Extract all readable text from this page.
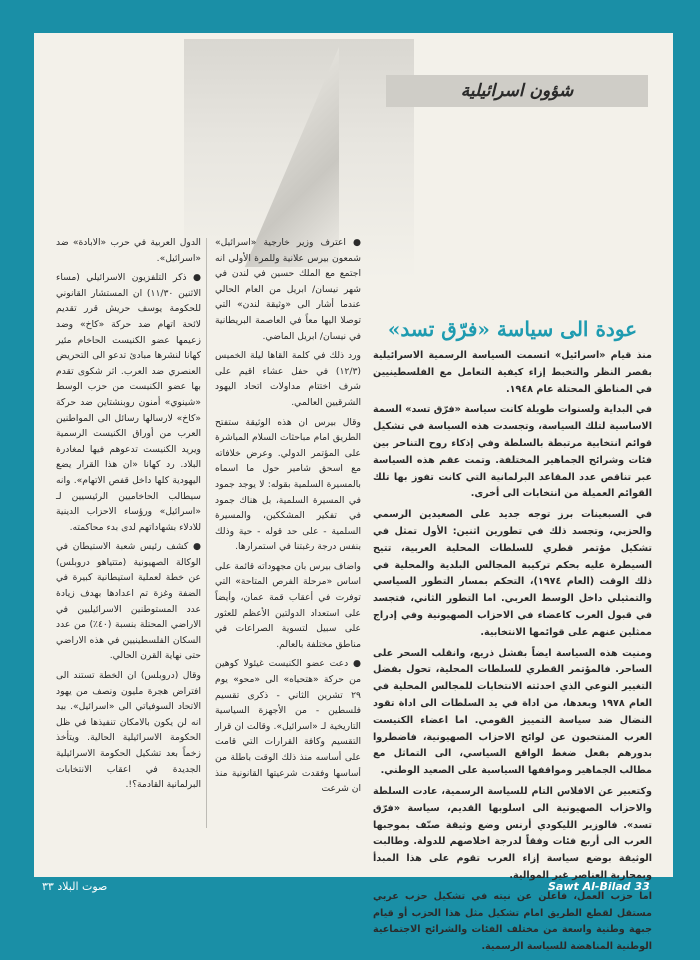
شؤون اسرائيلية
عودة الى سياسة «فرّق تسد»

منذ قيام «اسرائيل» اتسمت السياسة الرسمية الاسرائيلية بقصر النظر والتخبط إزاء كيفية التعامل مع الفلسطينيين في المناطق المحتلة عام ١٩٤٨.

في البداية ولسنوات طويلة كانت سياسة «فرّق تسد» السمة الاساسية لتلك السياسة، وتجسدت هذه السياسة في تشكيل قوائم انتخابية مرتبطة بالسلطة وفي إذكاء روح التناحر بين فئات وشرائح الجماهير المختلفة. وتمت عقم هذه السياسة عبر تناقص عدد المقاعد البرلمانية التي كانت تفوز بها تلك القوائم العميلة من انتخابات الى أخرى.

في السبعينات برز توجه جديد على الصعيدين الرسمي والحزبي، وتجسد ذلك في تطورين اثنين: الأول تمثل في تشكيل مؤتمر قطري للسلطات المحلية العربية، تتيح السيطرة عليه بحكم تركيبة المجالس البلدية والمحلية في ذلك الوقت (العام ١٩٧٤)، التحكم بمسار التطور السياسي والتمثيلي داخل الوسط العربي. اما التطور الثاني، فتجسد في قبول العرب كاعضاء في الاحزاب الصهيونية وفي إدراج ممثلين عنهم على قوائمها الانتخابية.

ومنيت هذه السياسة ايضاً بفشل ذريع، وانقلب السحر على الساحر. فالمؤتمر القطري للسلطات المحلية، تحول بفضل التغيير النوعي الذي احدثته الانتخابات للمجالس المحلية في العام ١٩٧٨ وبعدها، من اداة في يد السلطات الى اداة تقود النضال ضد سياسة التمييز القومي. اما اعضاء الكنيست العرب المنتخبون عن لوائح الاحزاب الصهيونية، فاضطروا بدورهم بفعل ضغط الواقع السياسي، الى التماثل مع مطالب الجماهير ومواقفها السياسية على الصعيد الوطني.

وكتعبير عن الافلاس التام للسياسة الرسمية، عادت السلطة والاحزاب الصهيونية الى اسلوبها القديم، سياسة «فرّق تسد». فالوزير الليكودي أرنس وضع وثيقة صنّف بموجبها العرب الى أربع فئات وفقاً لدرجة اخلاصهم للدولة. وطالبت الوثيقة بوضع سياسة إزاء العرب تقوم على هذا المبدأ وبمحاربة العناصر غير الموالية.

اما حزب العمل، فاعلن عن نيته في تشكيل حزب عربي مستقل لقطع الطريق امام تشكيل مثل هذا الحزب أو قيام جبهة وطنية واسعة من مختلف الفئات والشرائح الاجتماعية الوطنية المناهضة للسياسة الرسمية.

● اعترف وزير خارجية «اسرائيل» شمعون بيرس علانية وللمرة الأولى انه اجتمع مع الملك حسين في لندن في شهر نيسان/ ابريل من العام الحالي عندما أشار الى «وثيقة لندن» التي توصلا اليها معاً في العاصمة البريطانية في نيسان/ ابريل الماضي.

ورد ذلك في كلمة القاها ليلة الخميس (١٢/٣) في حفل عشاء اقيم على شرف اختتام مداولات اتحاد اليهود الشرقيين العالمي.

وقال بيرس ان هذه الوثيقة ستفتح الطريق امام مباحثات السلام المباشرة على المؤتمر الدولي. وعرض خلافاته مع اسحق شامير حول ما اسماه بالمسيرة السلمية بقوله: لا يوجد جمود في المسيرة السلمية، بل هناك جمود في تفكير المشككين، والمسيرة السلمية - على حد قوله - حية وذلك بنفس درجة رغبتنا في استمرارها.

واضاف بيرس بان مجهوداته قائمة على اساس «مرحلة الفرص المتاحة» التي توفرت في أعقاب قمة عمان، وأيضاً على استعداد الدولتين الأعظم للعثور على سبيل لتسوية الصراعات في مناطق مختلفة بالعالم.

● دعت عضو الكنيست غيئولا كوهين من حركة «هتحياه» الى «محو» يوم ٢٩ تشرين الثاني - ذكرى تقسيم فلسطين - من الأجهزة السياسية التاريخية لـ «اسرائيل». وقالت ان قرار التقسيم وكافة القرارات التي قامت على أساسه منذ ذلك الوقت باطلة من أساسها وفقدت شرعيتها القانونية منذ ان شرعت

الدول العربية في حرب «الابادة» ضد «اسرائيل».

● ذكر التلفزيون الاسرائيلي (مساء الاثنين ١١/٣٠) ان المستشار القانوني للحكومة يوسف حريش قرر تقديم لائحة اتهام ضد حركة «كاخ» وضد زعيمها عضو الكنيست الحاخام مئير كهانا لنشرها مبادئ تدعو الى التحريض العنصري ضد العرب. اثر شكوى تقدم بها عضو الكنيست من حزب الوسط «شينوي» أمنون روبنشتاين ضد حركة «كاخ» لارسالها رسائل الى المواطنين العرب من أوراق الكنيست الرسمية ويريد الكنيست تدعوهم فيها لمغادرة البلاد. رد كهانا «ان هذا القرار يضع اليهودية كلها داخل قفص الاتهام». وانه سيطالب الحاخاميين الرئيسيين لـ «اسرائيل» ورؤساء الاحزاب الدينية للادلاء بشهاداتهم لدى بدء محاكمته.

● كشف رئيس شعبة الاستيطان في الوكالة الصهيونية (متتياهو دروبلس) عن خطة لعملية استيطانية كبيرة في الضفة وغزة تم اعدادها بهدف زيادة عدد المستوطنين الاسرائيليين في الاراضي المحتلة بنسبة (٤٠٪) من عدد السكان الفلسطينيين في هذه الاراضي حتى نهاية القرن الحالي.

وقال (دروبلس) ان الخطة تستند الى افتراض هجرة مليون ونصف من يهود الاتحاد السوفياتي الى «اسرائيل». بيد انه لن يكون بالامكان تنفيذها في ظل الحكومة الاسرائيلية الحالية. ويتأخذ زخماً بعد تشكيل الحكومة الاسرائيلية الجديدة في اعقاب الانتخابات البرلمانية القادمة؟!.

Sawt Al-Bilad 33
صوت البلاد ٣٣
